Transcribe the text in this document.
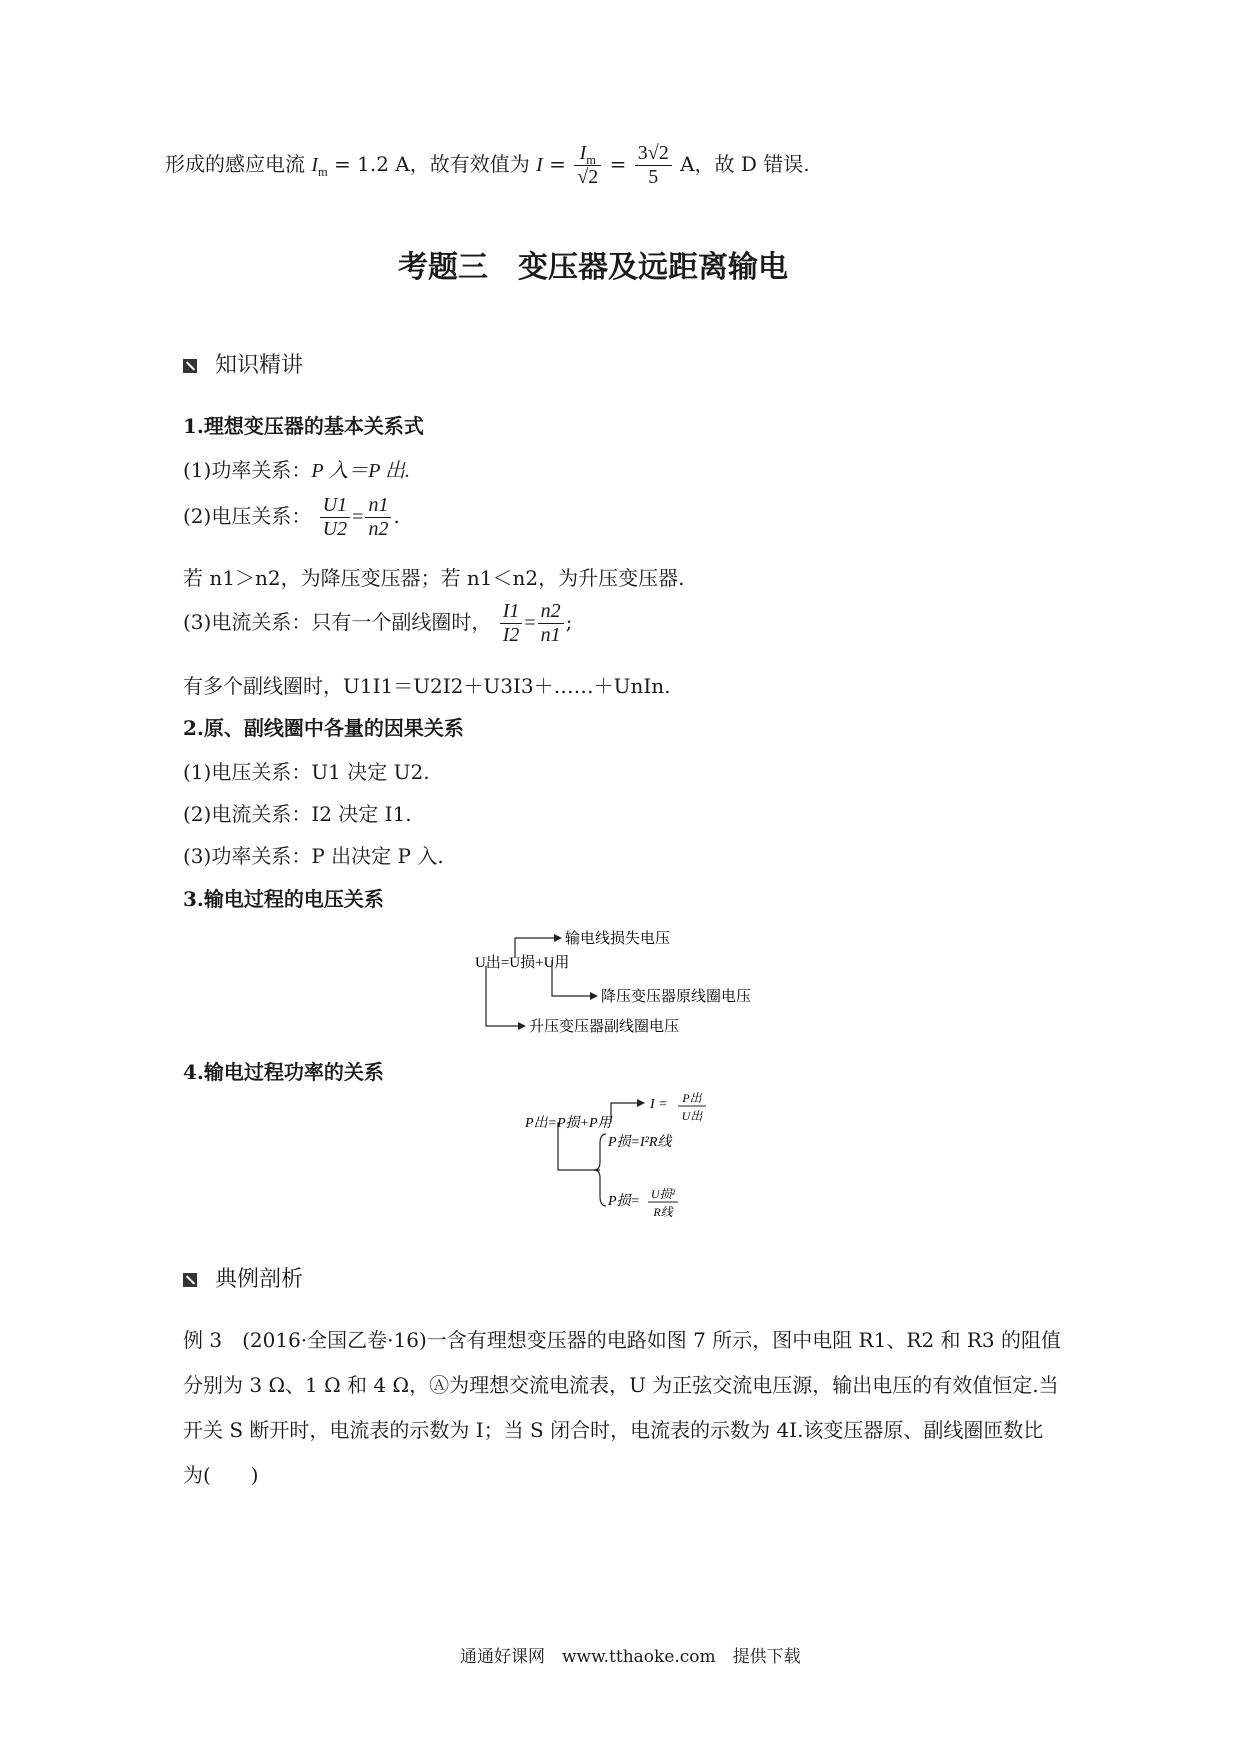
形成的感应电流 $I_m = 1.2$ A，故有效值为 $I = \frac{I_m}{√2} = \frac{3√2}{5}$ A，故 D 错误.
考题三　变压器及远距离输电
知识精讲
1.理想变压器的基本关系式
(1)功率关系：P 入＝P 出.
(2)电压关系： $\frac{U1}{U2} = \frac{n1}{n2}$ .
若 n1＞n2，为降压变压器；若 n1＜n2，为升压变压器.
(3)电流关系：只有一个副线圈时， $\frac{I1}{I2} = \frac{n2}{n1}$ ;
有多个副线圈时，U1I1＝U2I2＋U3I3＋……＋UnIn.
2.原、副线圈中各量的因果关系
(1)电压关系：U1 决定 U2.
(2)电流关系：I2 决定 I1.
(3)功率关系：P 出决定 P 入.
3.输电过程的电压关系
U出=U损+U用
输电线损失电压
降压变压器原线圈电压
升压变压器副线圈电压
4.输电过程功率的关系
P出=P损+P用
I = P出
U出
P损=I²R线
P损= U损²
R线
典例剖析
例 3　 (2016·全国乙卷·16)一含有理想变压器的电路如图 7 所示，图中电阻 R1、R2 和 R3 的阻值分别为 3 Ω、1 Ω 和 4 Ω，Ⓐ为理想交流电流表，U 为正弦交流电压源，输出电压的有效值恒定.当开关 S 断开时，电流表的示数为 I；当 S 闭合时，电流表的示数为 4I.该变压器原、副线圈匝数比为(　　)
通通好课网　www.tthaoke.com　提供下载
